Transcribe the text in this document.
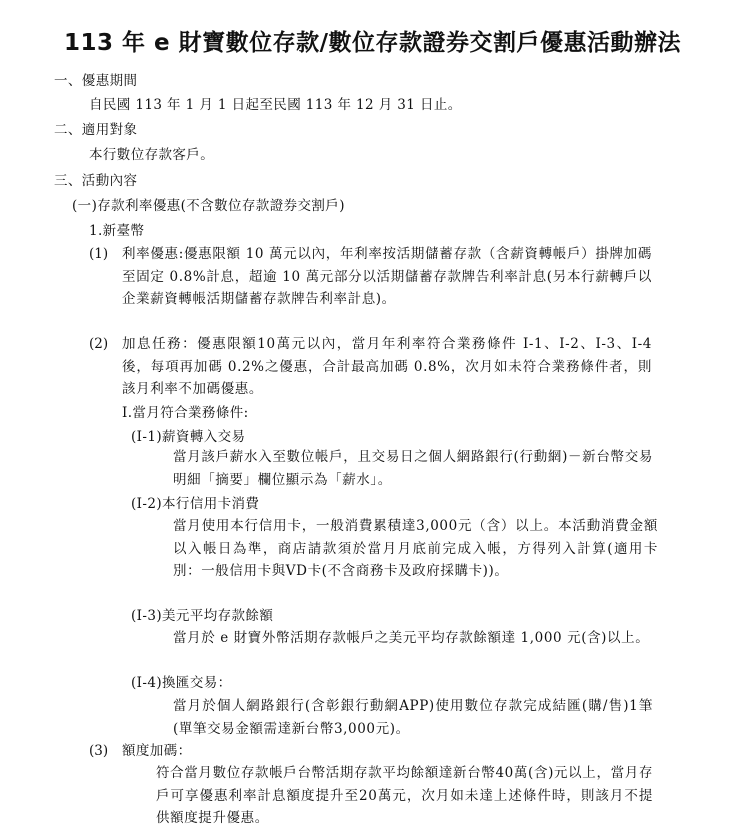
113 年 e 財寶數位存款/數位存款證券交割戶優惠活動辦法
一、優惠期間
自民國 113 年 1 月 1 日起至民國 113 年 12 月 31 日止。
二、適用對象
本行數位存款客戶。
三、活動內容
(一)存款利率優惠(不含數位存款證券交割戶)
1.新臺幣
(1) 利率優惠:優惠限額 10 萬元以內，年利率按活期儲蓄存款（含薪資轉帳戶）掛牌加碼至固定 0.8%計息，超逾 10 萬元部分以活期儲蓄存款牌告利率計息(另本行薪轉戶以企業薪資轉帳活期儲蓄存款牌告利率計息)。
(2) 加息任務：優惠限額10萬元以內，當月年利率符合業務條件 I-1、I-2、I-3、I-4 後，每項再加碼 0.2%之優惠，合計最高加碼 0.8%，次月如未符合業務條件者，則該月利率不加碼優惠。
I.當月符合業務條件:
(I-1)薪資轉入交易
當月該戶薪水入至數位帳戶，且交易日之個人網路銀行(行動網)－新台幣交易明細「摘要」欄位顯示為「薪水」。
(I-2)本行信用卡消費
當月使用本行信用卡，一般消費累積達3,000元（含）以上。本活動消費金額以入帳日為準，商店請款須於當月月底前完成入帳，方得列入計算(適用卡別：一般信用卡與VD卡(不含商務卡及政府採購卡))。
(I-3)美元平均存款餘額
當月於 e 財寶外幣活期存款帳戶之美元平均存款餘額達 1,000 元(含)以上。
(I-4)換匯交易：
當月於個人網路銀行(含彰銀行動網APP)使用數位存款完成結匯(購/售)1筆(單筆交易金額需達新台幣3,000元)。
(3) 額度加碼：
符合當月數位存款帳戶台幣活期存款平均餘額達新台幣40萬(含)元以上，當月存戶可享優惠利率計息額度提升至20萬元，次月如未達上述條件時，則該月不提供額度提升優惠。
